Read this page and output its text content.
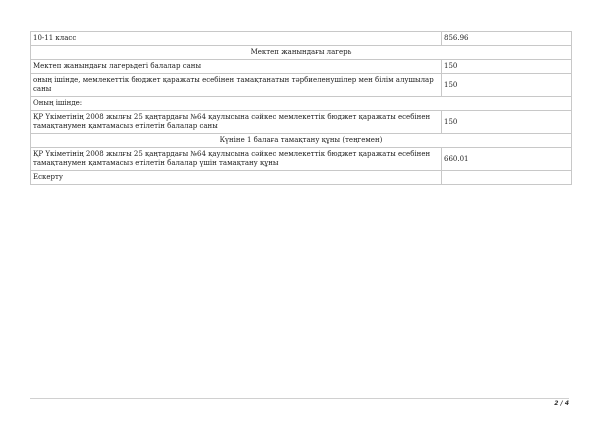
10-11 класс	856.96
Мектеп жанындағы лагерь	
Мектеп жанындағы лагерьдегі балалар саны	150
оның ішінде, мемлекеттік бюджет қаражаты есебінен тамақтанатын тәрбиеленушілер мен білім алушылар саны	150
Оның ішінде:	
ҚР Үкіметінің 2008 жылғы 25 қаңтардағы №64 қаулысына сәйкес мемлекеттік бюджет қаражаты есебінен тамақтанумен қамтамасыз етілетін балалар саны	150
Күніне 1 балаға тамақтану құны (теңгемен)	
ҚР Үкіметінің 2008 жылғы 25 қаңтардағы №64 қаулысына сәйкес мемлекеттік бюджет қаражаты есебінен тамақтанумен қамтамасыз етілетін балалар үшін тамақтану құны	660.01
Ескерту	
2 / 4
